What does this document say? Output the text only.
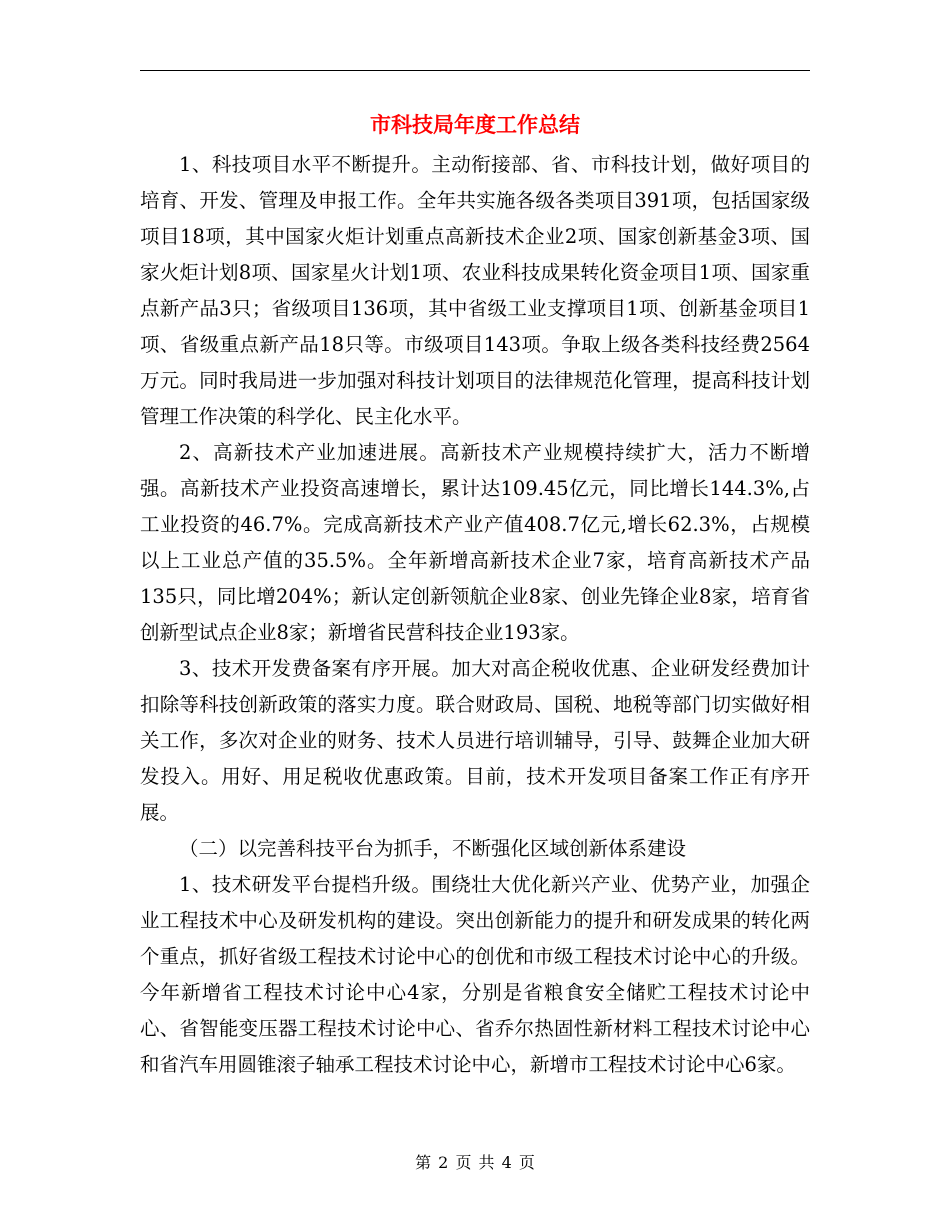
市科技局年度工作总结

1、科技项目水平不断提升。主动衔接部、省、市科技计划，做好项目的培育、开发、管理及申报工作。全年共实施各级各类项目391项，包括国家级项目18项，其中国家火炬计划重点高新技术企业2项、国家创新基金3项、国家火炬计划8项、国家星火计划1项、农业科技成果转化资金项目1项、国家重点新产品3只；省级项目136项，其中省级工业支撑项目1项、创新基金项目1项、省级重点新产品18只等。市级项目143项。争取上级各类科技经费2564万元。同时我局进一步加强对科技计划项目的法律规范化管理，提高科技计划管理工作决策的科学化、民主化水平。

2、高新技术产业加速进展。高新技术产业规模持续扩大，活力不断增强。高新技术产业投资高速增长，累计达109.45亿元，同比增长144.3%,占工业投资的46.7%。完成高新技术产业产值408.7亿元,增长62.3%，占规模以上工业总产值的35.5%。全年新增高新技术企业7家，培育高新技术产品135只，同比增204%；新认定创新领航企业8家、创业先锋企业8家，培育省创新型试点企业8家；新增省民营科技企业193家。

3、技术开发费备案有序开展。加大对高企税收优惠、企业研发经费加计扣除等科技创新政策的落实力度。联合财政局、国税、地税等部门切实做好相关工作，多次对企业的财务、技术人员进行培训辅导，引导、鼓舞企业加大研发投入。用好、用足税收优惠政策。目前，技术开发项目备案工作正有序开展。

（二）以完善科技平台为抓手，不断强化区域创新体系建设

1、技术研发平台提档升级。围绕壮大优化新兴产业、优势产业，加强企业工程技术中心及研发机构的建设。突出创新能力的提升和研发成果的转化两个重点，抓好省级工程技术讨论中心的创优和市级工程技术讨论中心的升级。今年新增省工程技术讨论中心4家，分别是省粮食安全储贮工程技术讨论中心、省智能变压器工程技术讨论中心、省乔尔热固性新材料工程技术讨论中心和省汽车用圆锥滚子轴承工程技术讨论中心，新增市工程技术讨论中心6家。

第 2 页 共 4 页
